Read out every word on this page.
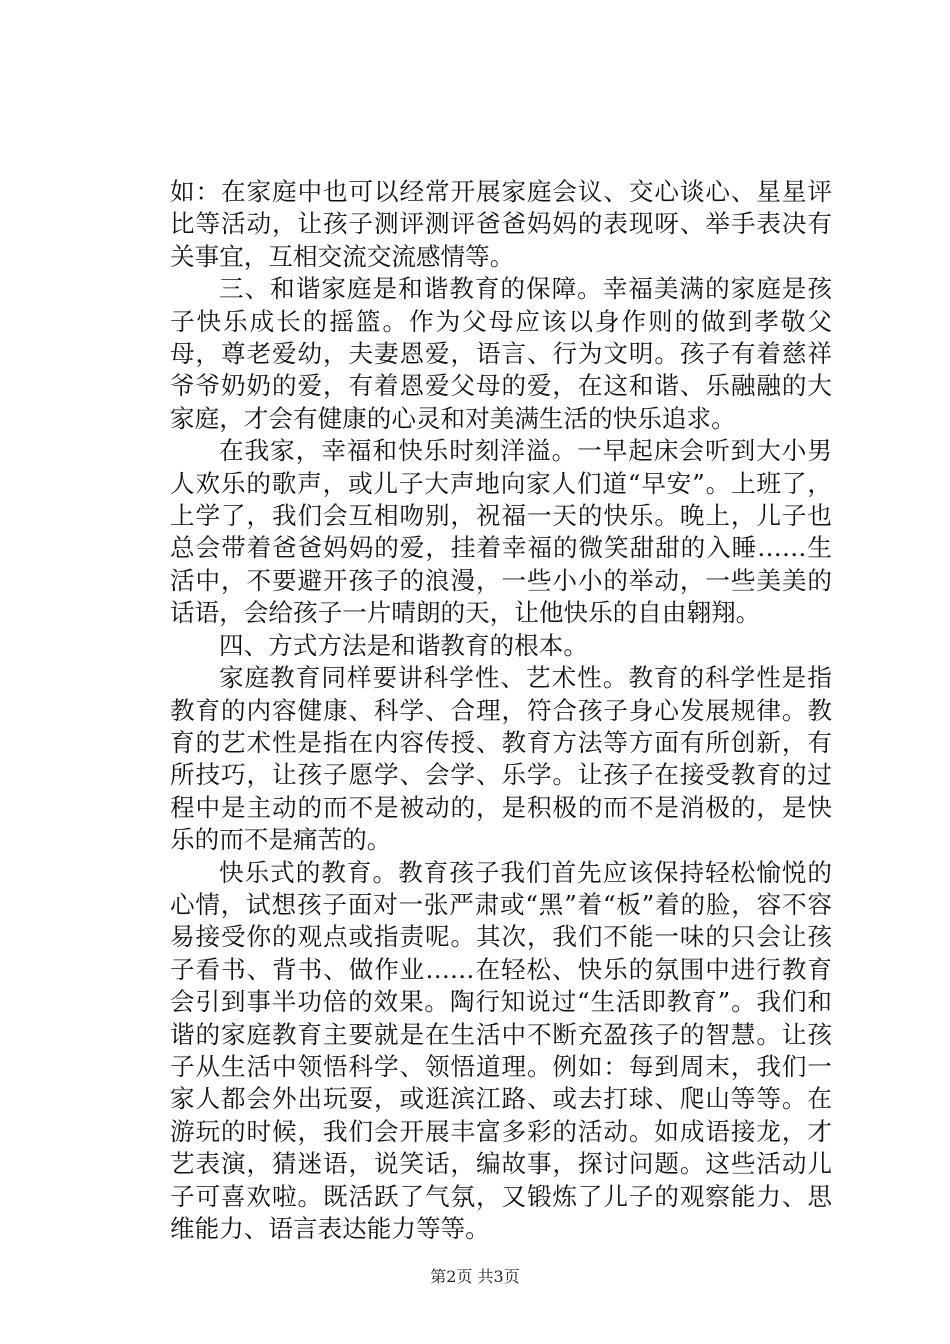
如：在家庭中也可以经常开展家庭会议、交心谈心、星星评比等活动，让孩子测评测评爸爸妈妈的表现呀、举手表决有关事宜，互相交流交流感情等。

三、和谐家庭是和谐教育的保障。幸福美满的家庭是孩子快乐成长的摇篮。作为父母应该以身作则的做到孝敬父母，尊老爱幼，夫妻恩爱，语言、行为文明。孩子有着慈祥爷爷奶奶的爱，有着恩爱父母的爱，在这和谐、乐融融的大家庭，才会有健康的心灵和对美满生活的快乐追求。

在我家，幸福和快乐时刻洋溢。一早起床会听到大小男人欢乐的歌声，或儿子大声地向家人们道“早安”。上班了，上学了，我们会互相吻别，祝福一天的快乐。晚上，儿子也总会带着爸爸妈妈的爱，挂着幸福的微笑甜甜的入睡……生活中，不要避开孩子的浪漫，一些小小的举动，一些美美的话语，会给孩子一片晴朗的天，让他快乐的自由翱翔。

四、方式方法是和谐教育的根本。

家庭教育同样要讲科学性、艺术性。教育的科学性是指教育的内容健康、科学、合理，符合孩子身心发展规律。教育的艺术性是指在内容传授、教育方法等方面有所创新，有所技巧，让孩子愿学、会学、乐学。让孩子在接受教育的过程中是主动的而不是被动的，是积极的而不是消极的，是快乐的而不是痛苦的。

快乐式的教育。教育孩子我们首先应该保持轻松愉悦的心情，试想孩子面对一张严肃或“黑”着“板”着的脸，容不容易接受你的观点或指责呢。其次，我们不能一味的只会让孩子看书、背书、做作业……在轻松、快乐的氛围中进行教育会引到事半功倍的效果。陶行知说过“生活即教育”。我们和谐的家庭教育主要就是在生活中不断充盈孩子的智慧。让孩子从生活中领悟科学、领悟道理。例如：每到周末，我们一家人都会外出玩耍，或逛滨江路、或去打球、爬山等等。在游玩的时候，我们会开展丰富多彩的活动。如成语接龙，才艺表演，猜迷语，说笑话，编故事，探讨问题。这些活动儿子可喜欢啦。既活跃了气氛，又锻炼了儿子的观察能力、思维能力、语言表达能力等等。

第2页 共3页
